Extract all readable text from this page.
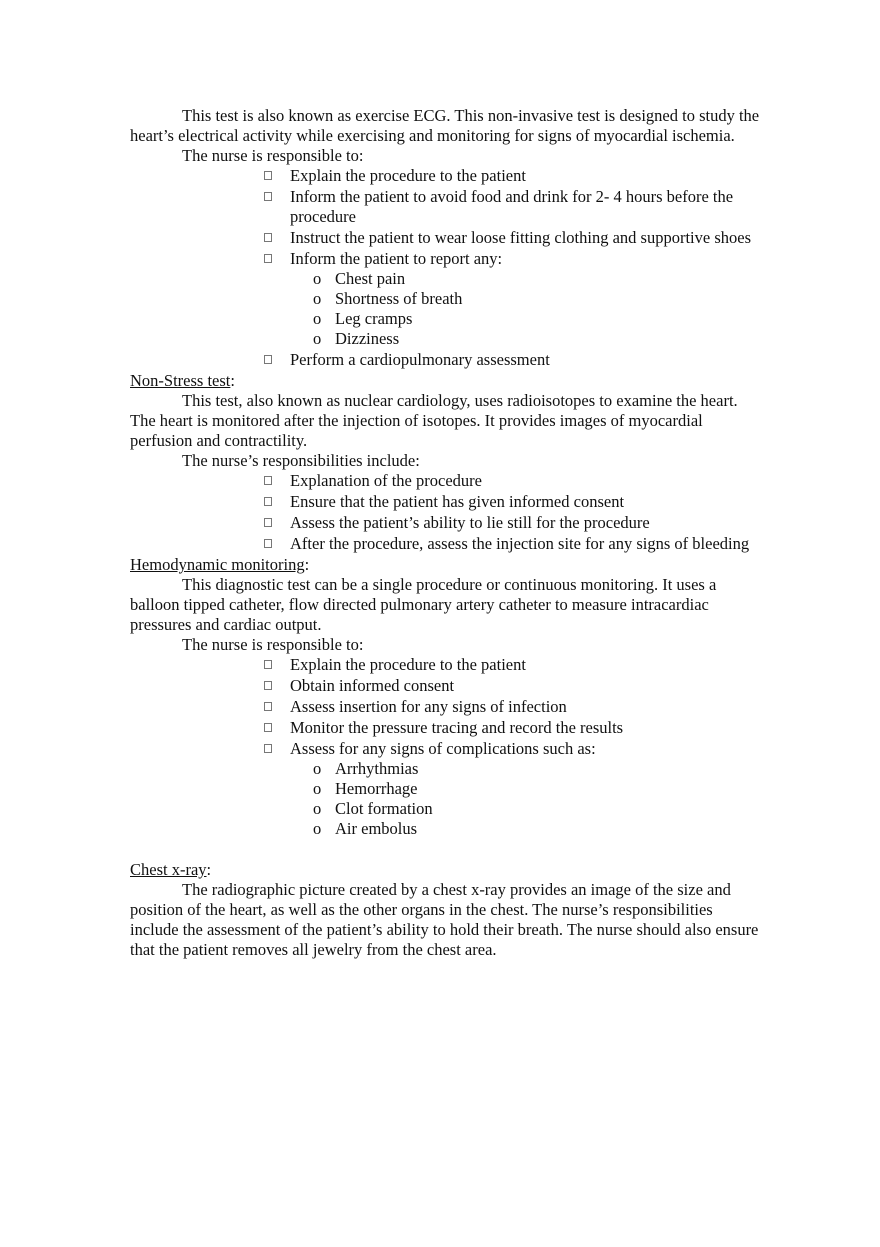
This test is also known as exercise ECG. This non-invasive test is designed to study the heart’s electrical activity while exercising and monitoring for signs of myocardial ischemia.

The nurse is responsible to:

Explain the procedure to the patient
Inform the patient to avoid food and drink for 2- 4 hours before the procedure
Instruct the patient to wear loose fitting clothing and supportive shoes
Inform the patient to report any:
o Chest pain
o Shortness of breath
o Leg cramps
o Dizziness
Perform a cardiopulmonary assessment

Non-Stress test:

This test, also known as nuclear cardiology, uses radioisotopes to examine the heart. The heart is monitored after the injection of isotopes. It provides images of myocardial perfusion and contractility.

The nurse’s responsibilities include:

Explanation of the procedure
Ensure that the patient has given informed consent
Assess the patient’s ability to lie still for the procedure
After the procedure, assess the injection site for any signs of bleeding

Hemodynamic monitoring:

This diagnostic test can be a single procedure or continuous monitoring. It uses a balloon tipped catheter, flow directed pulmonary artery catheter to measure intracardiac pressures and cardiac output.

The nurse is responsible to:

Explain the procedure to the patient
Obtain informed consent
Assess insertion for any signs of infection
Monitor the pressure tracing and record the results
Assess for any signs of complications such as:
o Arrhythmias
o Hemorrhage
o Clot formation
o Air embolus

Chest x-ray:

The radiographic picture created by a chest x-ray provides an image of the size and position of the heart, as well as the other organs in the chest. The nurse’s responsibilities include the assessment of the patient’s ability to hold their breath. The nurse should also ensure that the patient removes all jewelry from the chest area.
